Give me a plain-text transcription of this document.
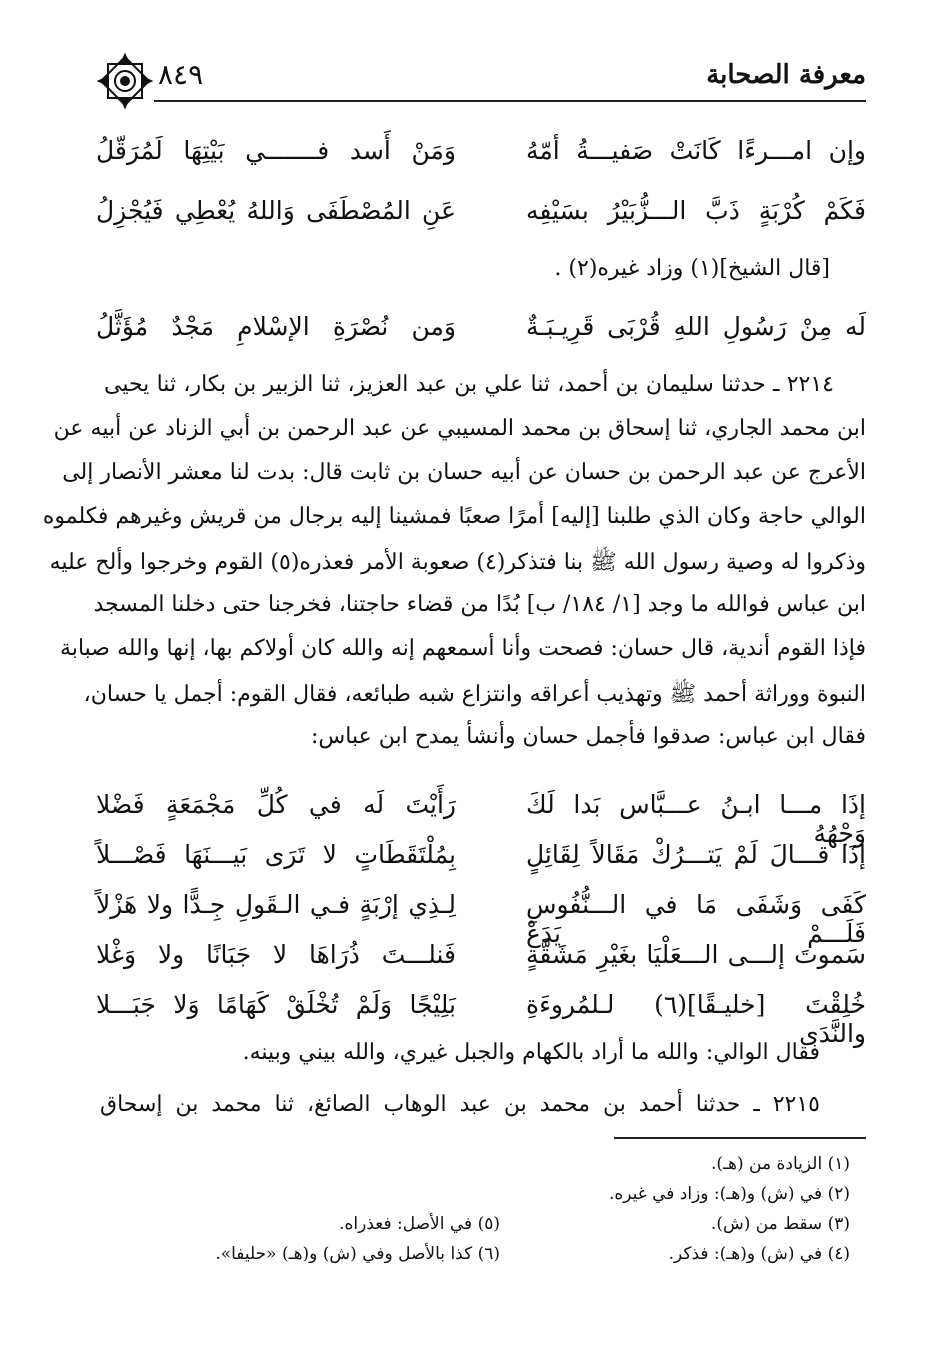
٨٤٩	معرفة الصحابة
وإن امـــرءًا كَانَتْ صَفيـــةُ أمّهُ
وَمَنْ أَسد فـــــــي بَيْتِهَا لَمُرَقّلُ
فَكَمْ كُرْبَةٍ ذَبَّ الـــزُّبَيْرُ بسَيْفِه
عَنِ المُصْطَفَى وَاللهُ يُعْطِي فَيُجْزِلُ
[قال الشيخ](١) وزاد غيره(٢) .
لَه مِنْ رَسُولِ اللهِ قُرْبَى قَرِيـبَـةٌ
وَمن نُصْرَةِ الإسْلامِ مَجْدٌ مُؤَثَّلُ
٢٢١٤ ـ حدثنا سليمان بن أحمد، ثنا علي بن عبد العزيز، ثنا الزبير بن بكار، ثنا يحيى
ابن محمد الجاري، ثنا إسحاق بن محمد المسيبي عن عبد الرحمن بن أبي الزناد عن أبيه عن
الأعرج عن عبد الرحمن بن حسان عن أبيه حسان بن ثابت قال: بدت لنا معشر الأنصار إلى
الوالي حاجة وكان الذي طلبنا [إليه] أمرًا صعبًا فمشينا إليه برجال من قريش وغيرهم فكلموه
وذكروا له وصية رسول الله ﷺ بنا فتذكر(٤) صعوبة الأمر فعذره(٥) القوم وخرجوا وألح عليه
ابن عباس فوالله ما وجد [١/ ١٨٤/ ب] بُدًا من قضاء حاجتنا، فخرجنا حتى دخلنا المسجد
فإذا القوم أندية، قال حسان: فصحت وأنا أسمعهم إنه والله كان أولاكم بها، إنها والله صبابة
النبوة ووراثة أحمد ﷺ وتهذيب أعراقه وانتزاع شبه طبائعه، فقال القوم: أجمل يا حسان،
فقال ابن عباس: صدقوا فأجمل حسان وأنشأ يمدح ابن عباس:
إذَا مـــا ابـنُ عـــبَّاس بَدا لَكَ وَجْهُهُ
رَأَيْتَ لَه في كُلِّ مَجْمَعَةٍ فَضْلا
إذَا قـــالَ لَمْ يَتـــرُكْ مَقَالاً لِقَائِلٍ
بِمُلْتَقَطَاتٍ لا تَرَى بَيـــنَهَا فَصْـــلاً
كَفَى وَشَفَى مَا في الـــنُّفُوسِ فَلَـــمْ يَدَعْ
لِـذِي إرْبَةٍ فـي الـقَولِ جِـدًّا ولا هَزْلاً
سَموتَ إلـــى الـــعَلْيَا بغَيْرِ مَشَقَّةٍ
فَنلـــتَ ذُرَاهَا لا جَبَانًا ولا وَغْلا
خُلِقْتَ [خليـقًا](٦) لـلمُروءَةِ والنَّدَى
بَلِيْجًا وَلَمْ تُخْلَقْ كَهَامًا وَلا جَبَـــلا
فقال الوالي: والله ما أراد بالكهام والجبل غيري، والله بيني وبينه.
٢٢١٥ ـ حدثنا أحمد بن محمد بن عبد الوهاب الصائغ، ثنا محمد بن إسحاق
(١) الزيادة من (هـ).
(٢) في (ش) و(هـ): وزاد في غيره.
(٣) سقط من (ش).
(٤) في (ش) و(هـ): فذكر.
(٥) في الأصل: فعذراه.
(٦) كذا بالأصل وفي (ش) و(هـ) «حليفا».
